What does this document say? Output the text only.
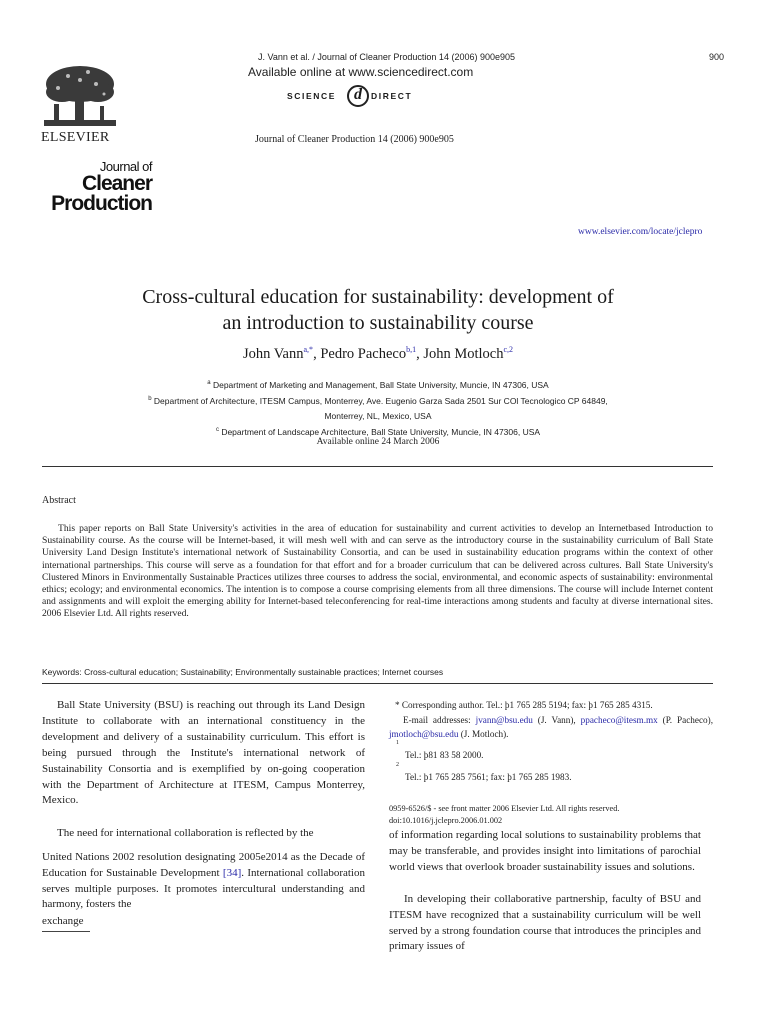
ELSEVIER
Journal of
Cleaner
Production
J. Vann et al. / Journal of Cleaner Production 14 (2006) 900e905	900
Available online at www.sciencedirect.com
SCIENCE d DIRECT
Journal of Cleaner Production 14 (2006) 900e905
www.elsevier.com/locate/jclepro
Cross-cultural education for sustainability: development of
an introduction to sustainability course
John Vann$^{a,*}$, Pedro Pacheco$^{b,1}$, John Motloch$^{c,2}$
$^a$ Department of Marketing and Management, Ball State University, Muncie, IN 47306, USA
$^b$ Department of Architecture, ITESM Campus, Monterrey, Ave. Eugenio Garza Sada 2501 Sur COl Tecnologico CP 64849,
Monterrey, NL, Mexico, USA
$^c$ Department of Landscape Architecture, Ball State University, Muncie, IN 47306, USA
Available online 24 March 2006
Abstract
This paper reports on Ball State University's activities in the area of education for sustainability and current activities to develop an Internetbased Introduction to Sustainability course. As the course will be Internet-based, it will mesh well with and can serve as the introductory course in the sustainability curriculum of Ball State University Land Design Institute's international network of Sustainability Consortia, and can be used in sustainability education programs within the context of other international partnerships. This course will serve as a foundation for that effort and for a broader curriculum that can be delivered across cultures. Ball State University's Clustered Minors in Environmentally Sustainable Practices utilizes three courses to address the social, environmental, and economic aspects of sustainability: environmental ethics; ecology; and environmental economics. The intention is to compose a course comprising elements from all three dimensions. The course will include Internet content and assignments and will exploit the emerging ability for Internet-based teleconferencing for real-time interactions among students and faculty at diverse international sites. 2006 Elsevier Ltd. All rights reserved.
Keywords: Cross-cultural education; Sustainability; Environmentally sustainable practices; Internet courses
Ball State University (BSU) is reaching out through its Land Design Institute to collaborate with an international constituency in the development and delivery of a sustainability curriculum. This effort is being pursued through the Institute's international network of Sustainability Consortia and is exemplified by on-going cooperation with the Department of Architecture at ITESM, Campus Monterrey, Mexico.
The need for international collaboration is reflected by the
United Nations 2002 resolution designating 2005e2014 as the Decade of Education for Sustainable Development [34]. International collaboration serves multiple purposes. It promotes intercultural understanding and harmony, fosters the
exchange
* Corresponding author. Tel.: þ1 765 285 5194; fax: þ1 765 285 4315.
E-mail addresses: jvann@bsu.edu (J. Vann), ppacheco@itesm.mx (P. Pacheco), jmotloch@bsu.edu (J. Motloch).
$^1$
Tel.: þ81 83 58 2000.
$^2$
Tel.: þ1 765 285 7561; fax: þ1 765 285 1983.
0959-6526/$ - see front matter 2006 Elsevier Ltd. All rights reserved.
doi:10.1016/j.jclepro.2006.01.002
of information regarding local solutions to sustainability problems that may be transferable, and provides insight into limitations of parochial world views that overlook broader sustainability issues and solutions.
In developing their collaborative partnership, faculty of BSU and ITESM have recognized that a sustainability curriculum will be well served by a strong foundation course that introduces the principles and primary issues of
